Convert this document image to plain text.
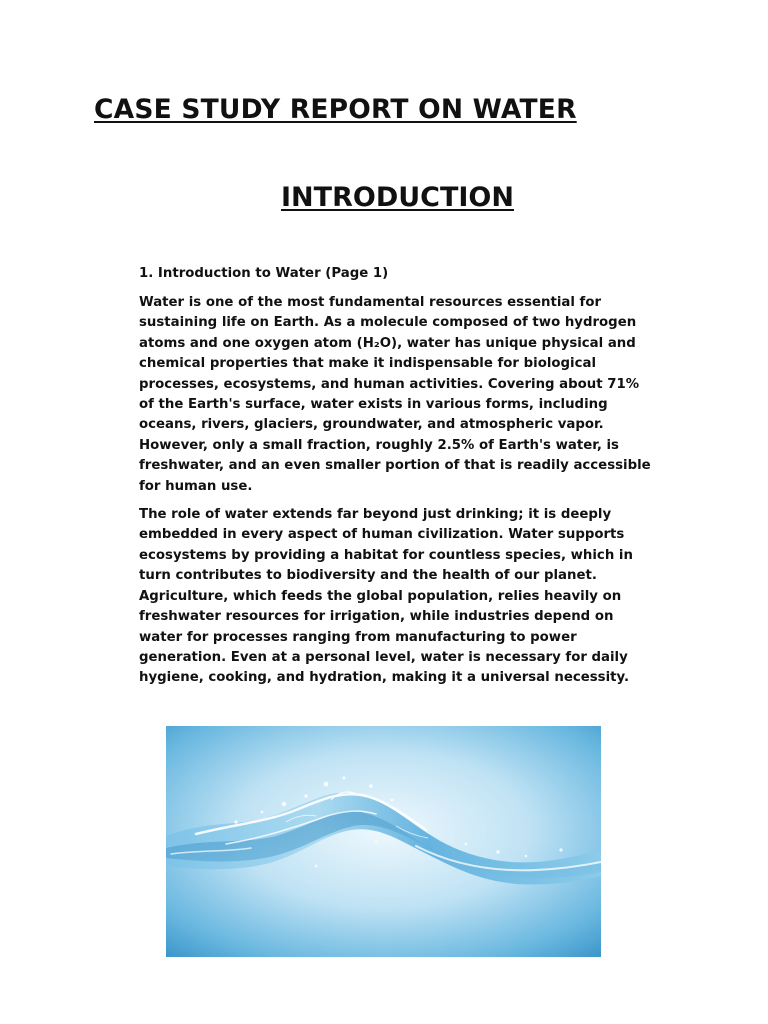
CASE STUDY REPORT ON WATER
INTRODUCTION

1. Introduction to Water (Page 1)

Water is one of the most fundamental resources essential for
sustaining life on Earth. As a molecule composed of two hydrogen
atoms and one oxygen atom (H₂O), water has unique physical and
chemical properties that make it indispensable for biological
processes, ecosystems, and human activities. Covering about 71%
of the Earth's surface, water exists in various forms, including
oceans, rivers, glaciers, groundwater, and atmospheric vapor.
However, only a small fraction, roughly 2.5% of Earth's water, is
freshwater, and an even smaller portion of that is readily accessible
for human use.

The role of water extends far beyond just drinking; it is deeply
embedded in every aspect of human civilization. Water supports
ecosystems by providing a habitat for countless species, which in
turn contributes to biodiversity and the health of our planet.
Agriculture, which feeds the global population, relies heavily on
freshwater resources for irrigation, while industries depend on
water for processes ranging from manufacturing to power
generation. Even at a personal level, water is necessary for daily
hygiene, cooking, and hydration, making it a universal necessity.
